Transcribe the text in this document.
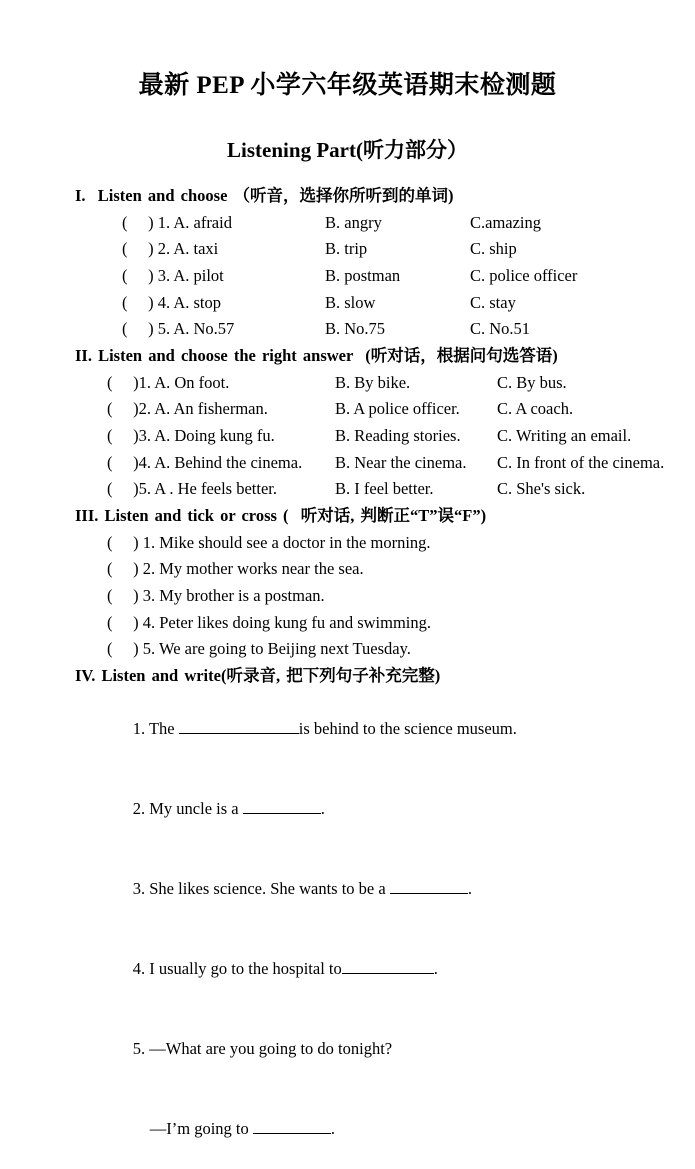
最新 PEP 小学六年级英语期末检测题
Listening Part(听力部分）
I.  Listen and choose （听音，选择你所听到的单词)
(     ) 1. A. afraid	B. angry	C.amazing
(     ) 2. A. taxi	B. trip	C. ship
(     ) 3. A. pilot	B. postman	C. police officer
(     ) 4. A. stop	B. slow	C. stay
(     ) 5. A. No.57	B. No.75	C. No.51
II. Listen and choose the right answer  (听对话，根据问句选答语)
(     )1. A. On foot.	B. By bike.	C. By bus.
(     )2. A. An fisherman.	B. A police officer.	C. A coach.
(     )3. A. Doing kung fu.	B. Reading stories.	C. Writing an email.
(     )4. A. Behind the cinema.	B. Near the cinema.	C. In front of the cinema.
(     )5. A . He feels better.	B. I feel better.	C. She's sick.
III. Listen and tick or cross (  听对话, 判断正“T”误“F”)
(     ) 1. Mike should see a doctor in the morning.
(     ) 2. My mother works near the sea.
(     ) 3. My brother is a postman.
(     ) 4. Peter likes doing kung fu and swimming.
(     ) 5. We are going to Beijing next Tuesday.
IV. Listen and write(听录音, 把下列句子补充完整)

1. The	is behind to the science museum.

2. My uncle is a	.

3. She likes science. She wants to be a	.

4. I usually go to the hospital to	.

5. —What are you going to do tonight?

—I’m going to	.
